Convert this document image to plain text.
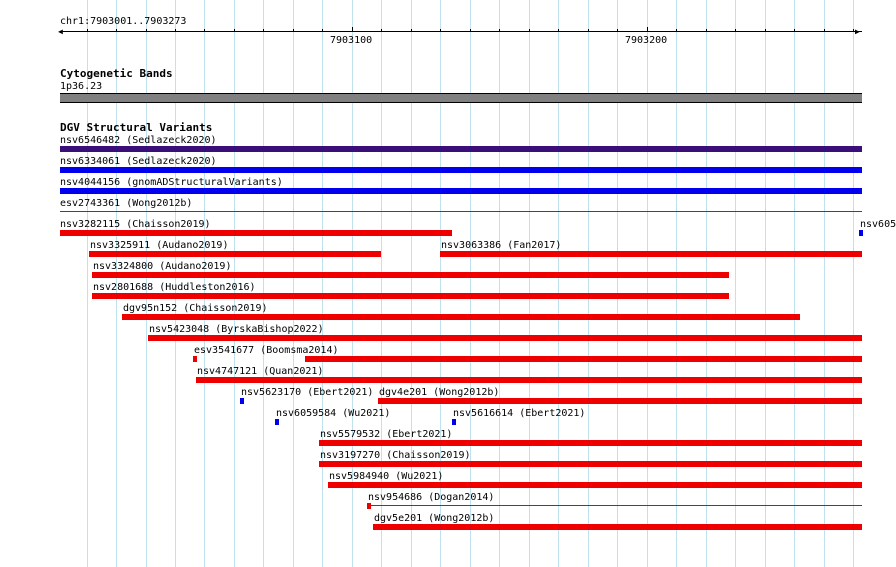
chr1:7903001..7903273
◀	▶
7903100	7903200
Cytogenetic Bands
1p36.23
DGV Structural Variants
nsv6546482 (Sedlazeck2020)
nsv6334061 (Sedlazeck2020)
nsv4044156 (gnomADStructuralVariants)
esv2743361 (Wong2012b)
nsv3282115 (Chaisson2019)	nsv605
nsv3325911 (Audano2019)	nsv3063386 (Fan2017)
nsv3324800 (Audano2019)
nsv2801688 (Huddleston2016)
dgv95n152 (Chaisson2019)
nsv5423048 (ByrskaBishop2022)
esv3541677 (Boomsma2014)
nsv4747121 (Quan2021)
nsv5623170 (Ebert2021) dgv4e201 (Wong2012b)
nsv6059584 (Wu2021)	nsv5616614 (Ebert2021)
nsv5579532 (Ebert2021)
nsv3197270 (Chaisson2019)
nsv5984940 (Wu2021)
nsv954686 (Dogan2014)
dgv5e201 (Wong2012b)
